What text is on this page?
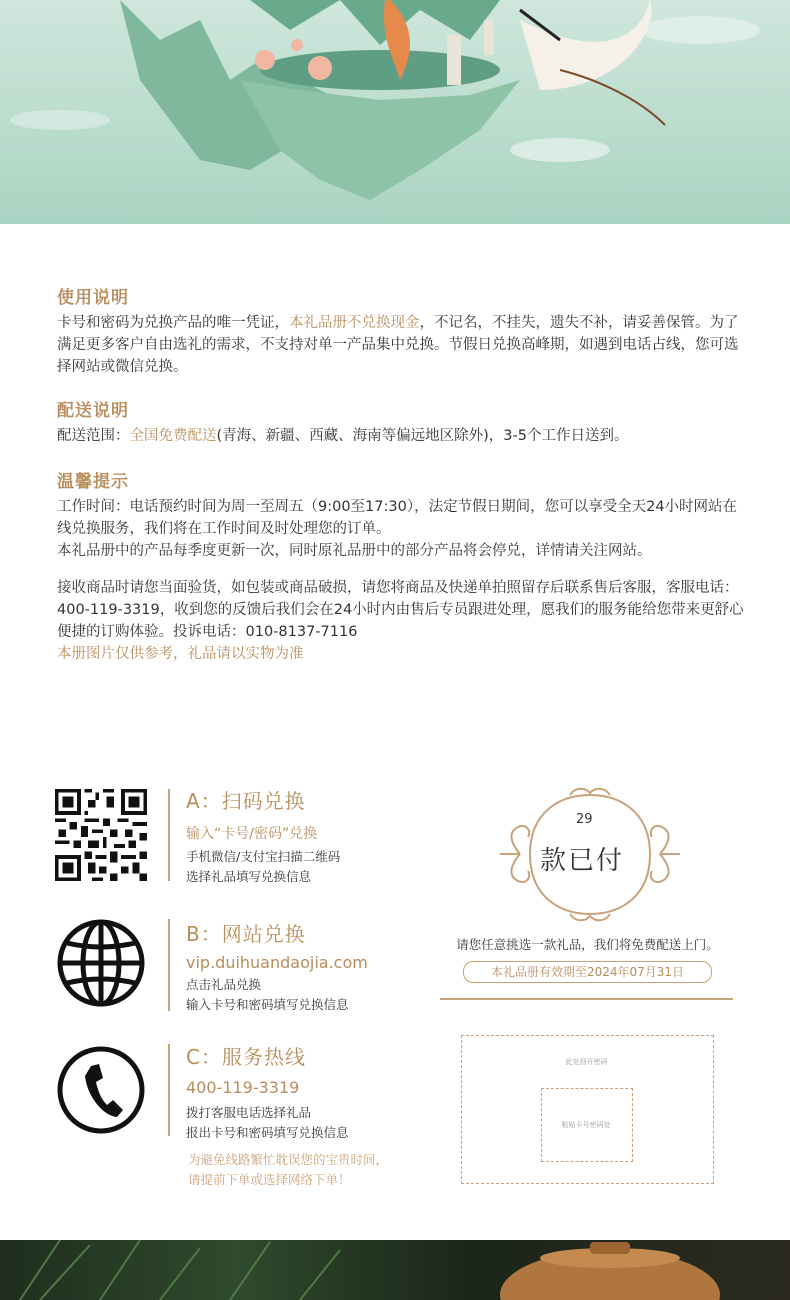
使用说明
卡号和密码为兑换产品的唯一凭证，本礼品册不兑换现金，不记名，不挂失，遗失不补，请妥善保管。为了满足更多客户自由选礼的需求，不支持对单一产品集中兑换。节假日兑换高峰期，如遇到电话占线，您可选择网站或微信兑换。
配送说明
配送范围：全国免费配送(青海、新疆、西藏、海南等偏远地区除外)，3-5个工作日送到。
温馨提示
工作时间：电话预约时间为周一至周五（9:00至17:30），法定节假日期间，您可以享受全天24小时网站在线兑换服务，我们将在工作时间及时处理您的订单。
本礼品册中的产品每季度更新一次，同时原礼品册中的部分产品将会停兑，详情请关注网站。
接收商品时请您当面验货，如包装或商品破损，请您将商品及快递单拍照留存后联系售后客服，客服电话：400-119-3319，收到您的反馈后我们会在24小时内由售后专员跟进处理，愿我们的服务能给您带来更舒心便捷的订购体验。投诉电话：010-8137-7116
本册图片仅供参考，礼品请以实物为准
A：扫码兑换
输入“卡号/密码”兑换
手机微信/支付宝扫描二维码
选择礼品填写兑换信息
B：网站兑换
vip.duihuandaojia.com
点击礼品兑换
输入卡号和密码填写兑换信息
C：服务热线
400-119-3319
拨打客服电话选择礼品
报出卡号和密码填写兑换信息
为避免线路繁忙耽误您的宝贵时间，
请提前下单或选择网络下单！
29
款已付
请您任意挑选一款礼品，我们将免费配送上门。
本礼品册有效期至2024年07月31日
此处刮开密码
粘贴卡号密码处
